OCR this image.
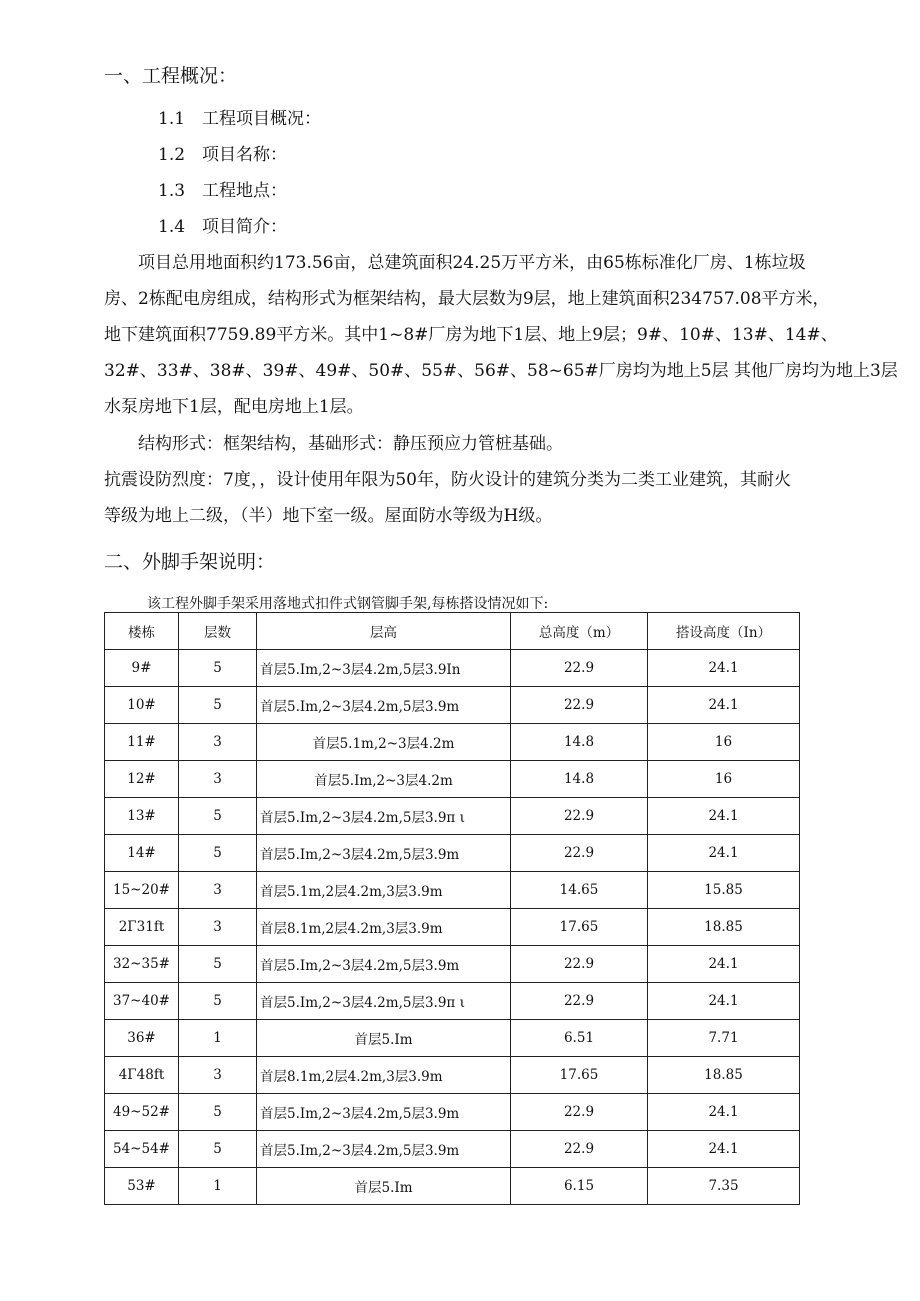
一、工程概况：
1.1　工程项目概况：
1.2　项目名称：
1.3　工程地点：
1.4　项目简介：
　　项目总用地面积约173.56亩，总建筑面积24.25万平方米，由65栋标准化厂房、1栋垃圾
房、2栋配电房组成，结构形式为框架结构，最大层数为9层，地上建筑面积234757.08平方米，
地下建筑面积7759.89平方米。其中1~8#厂房为地下1层、地上9层；9#、10#、13#、14#、
32#、33#、38#、39#、49#、50#、55#、56#、58~65#厂房均为地上5层 其他厂房均为地上3层
水泵房地下1层，配电房地上1层。
　　结构形式：框架结构，基础形式：静压预应力管桩基础。
抗震设防烈度：7度，，设计使用年限为50年，防火设计的建筑分类为二类工业建筑，其耐火
等级为地上二级，（半）地下室一级。屋面防水等级为H级。
二、外脚手架说明：
该工程外脚手架采用落地式扣件式钢管脚手架,每栋搭设情况如下:
楼栋	层数	层高	总高度（m）	搭设高度（In）
9#	5	首层5.Im,2~3层4.2m,5层3.9In	22.9	24.1
10#	5	首层5.Im,2~3层4.2m,5层3.9m	22.9	24.1
11#	3	首层5.1m,2~3层4.2m	14.8	16
12#	3	首层5.Im,2~3层4.2m	14.8	16
13#	5	首层5.Im,2~3层4.2m,5层3.9π ι	22.9	24.1
14#	5	首层5.Im,2~3层4.2m,5层3.9m	22.9	24.1
15~20#	3	首层5.1m,2层4.2m,3层3.9m	14.65	15.85
2Γ31ft	3	首层8.1m,2层4.2m,3层3.9m	17.65	18.85
32~35#	5	首层5.Im,2~3层4.2m,5层3.9m	22.9	24.1
37~40#	5	首层5.Im,2~3层4.2m,5层3.9π ι	22.9	24.1
36#	1	首层5.Im	6.51	7.71
4Γ48ft	3	首层8.1m,2层4.2m,3层3.9m	17.65	18.85
49~52#	5	首层5.Im,2~3层4.2m,5层3.9m	22.9	24.1
54~54#	5	首层5.Im,2~3层4.2m,5层3.9m	22.9	24.1
53#	1	首层5.Im	6.15	7.35
